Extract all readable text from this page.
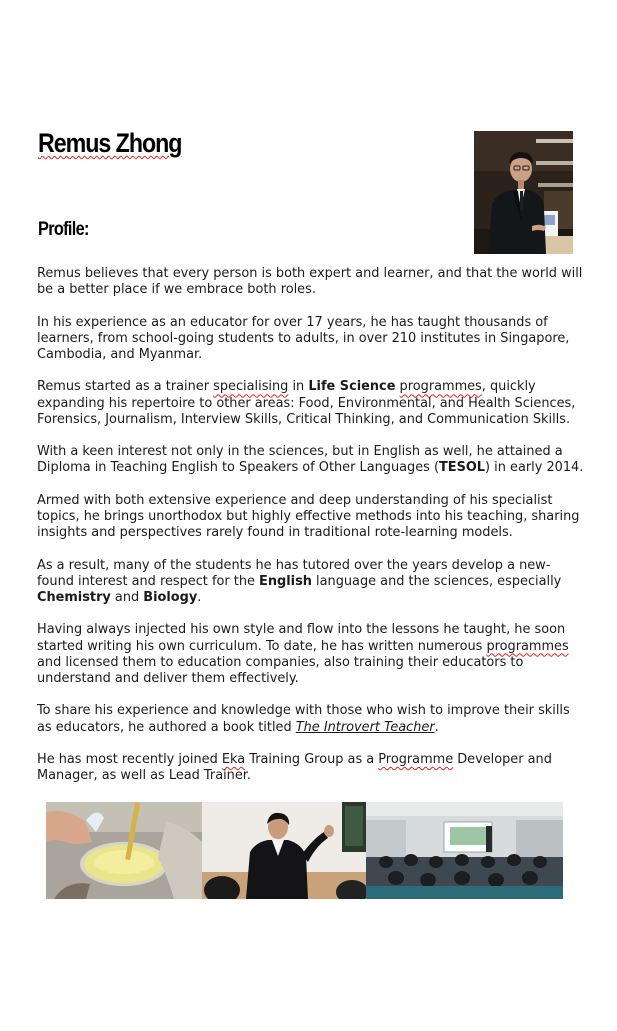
Remus Zhong
Profile:

Remus believes that every person is both expert and learner, and that the world will be a better place if we embrace both roles.

In his experience as an educator for over 17 years, he has taught thousands of learners, from school-going students to adults, in over 210 institutes in Singapore, Cambodia, and Myanmar.

Remus started as a trainer specialising in Life Science programmes, quickly expanding his repertoire to other areas: Food, Environmental, and Health Sciences, Forensics, Journalism, Interview Skills, Critical Thinking, and Communication Skills.

With a keen interest not only in the sciences, but in English as well, he attained a Diploma in Teaching English to Speakers of Other Languages (TESOL) in early 2014.

Armed with both extensive experience and deep understanding of his specialist topics, he brings unorthodox but highly effective methods into his teaching, sharing insights and perspectives rarely found in traditional rote-learning models.

As a result, many of the students he has tutored over the years develop a new-found interest and respect for the English language and the sciences, especially Chemistry and Biology.

Having always injected his own style and flow into the lessons he taught, he soon started writing his own curriculum. To date, he has written numerous programmes and licensed them to education companies, also training their educators to understand and deliver them effectively.

To share his experience and knowledge with those who wish to improve their skills as educators, he authored a book titled The Introvert Teacher.

He has most recently joined Eka Training Group as a Programme Developer and Manager, as well as Lead Trainer.
